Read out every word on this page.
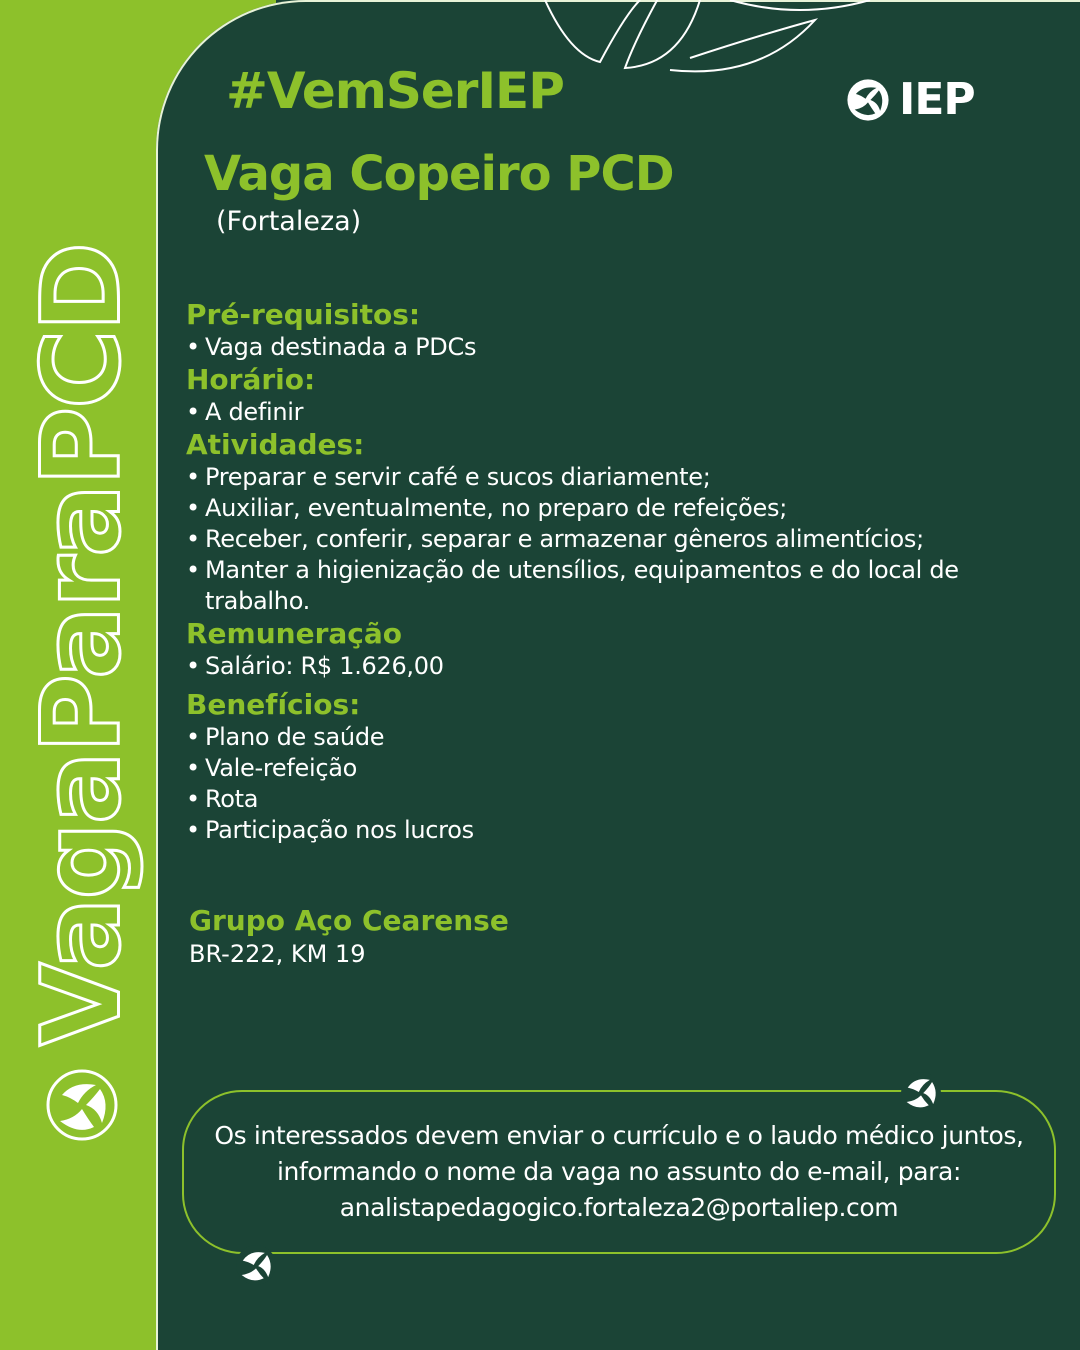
VagaParaPCD
#VemSerIEP	IEP
Vaga Copeiro PCD
(Fortaleza)
Pré-requisitos:
• Vaga destinada a PDCs
Horário:
• A definir
Atividades:
• Preparar e servir café e sucos diariamente;
• Auxiliar, eventualmente, no preparo de refeições;
• Receber, conferir, separar e armazenar gêneros alimentícios;
• Manter a higienização de utensílios, equipamentos e do local de trabalho.
Remuneração
• Salário: R$ 1.626,00
Benefícios:
• Plano de saúde
• Vale-refeição
• Rota
• Participação nos lucros
Grupo Aço Cearense
BR-222, KM 19
Os interessados devem enviar o currículo e o laudo médico juntos,
informando o nome da vaga no assunto do e-mail, para:
analistapedagogico.fortaleza2@portaliep.com
